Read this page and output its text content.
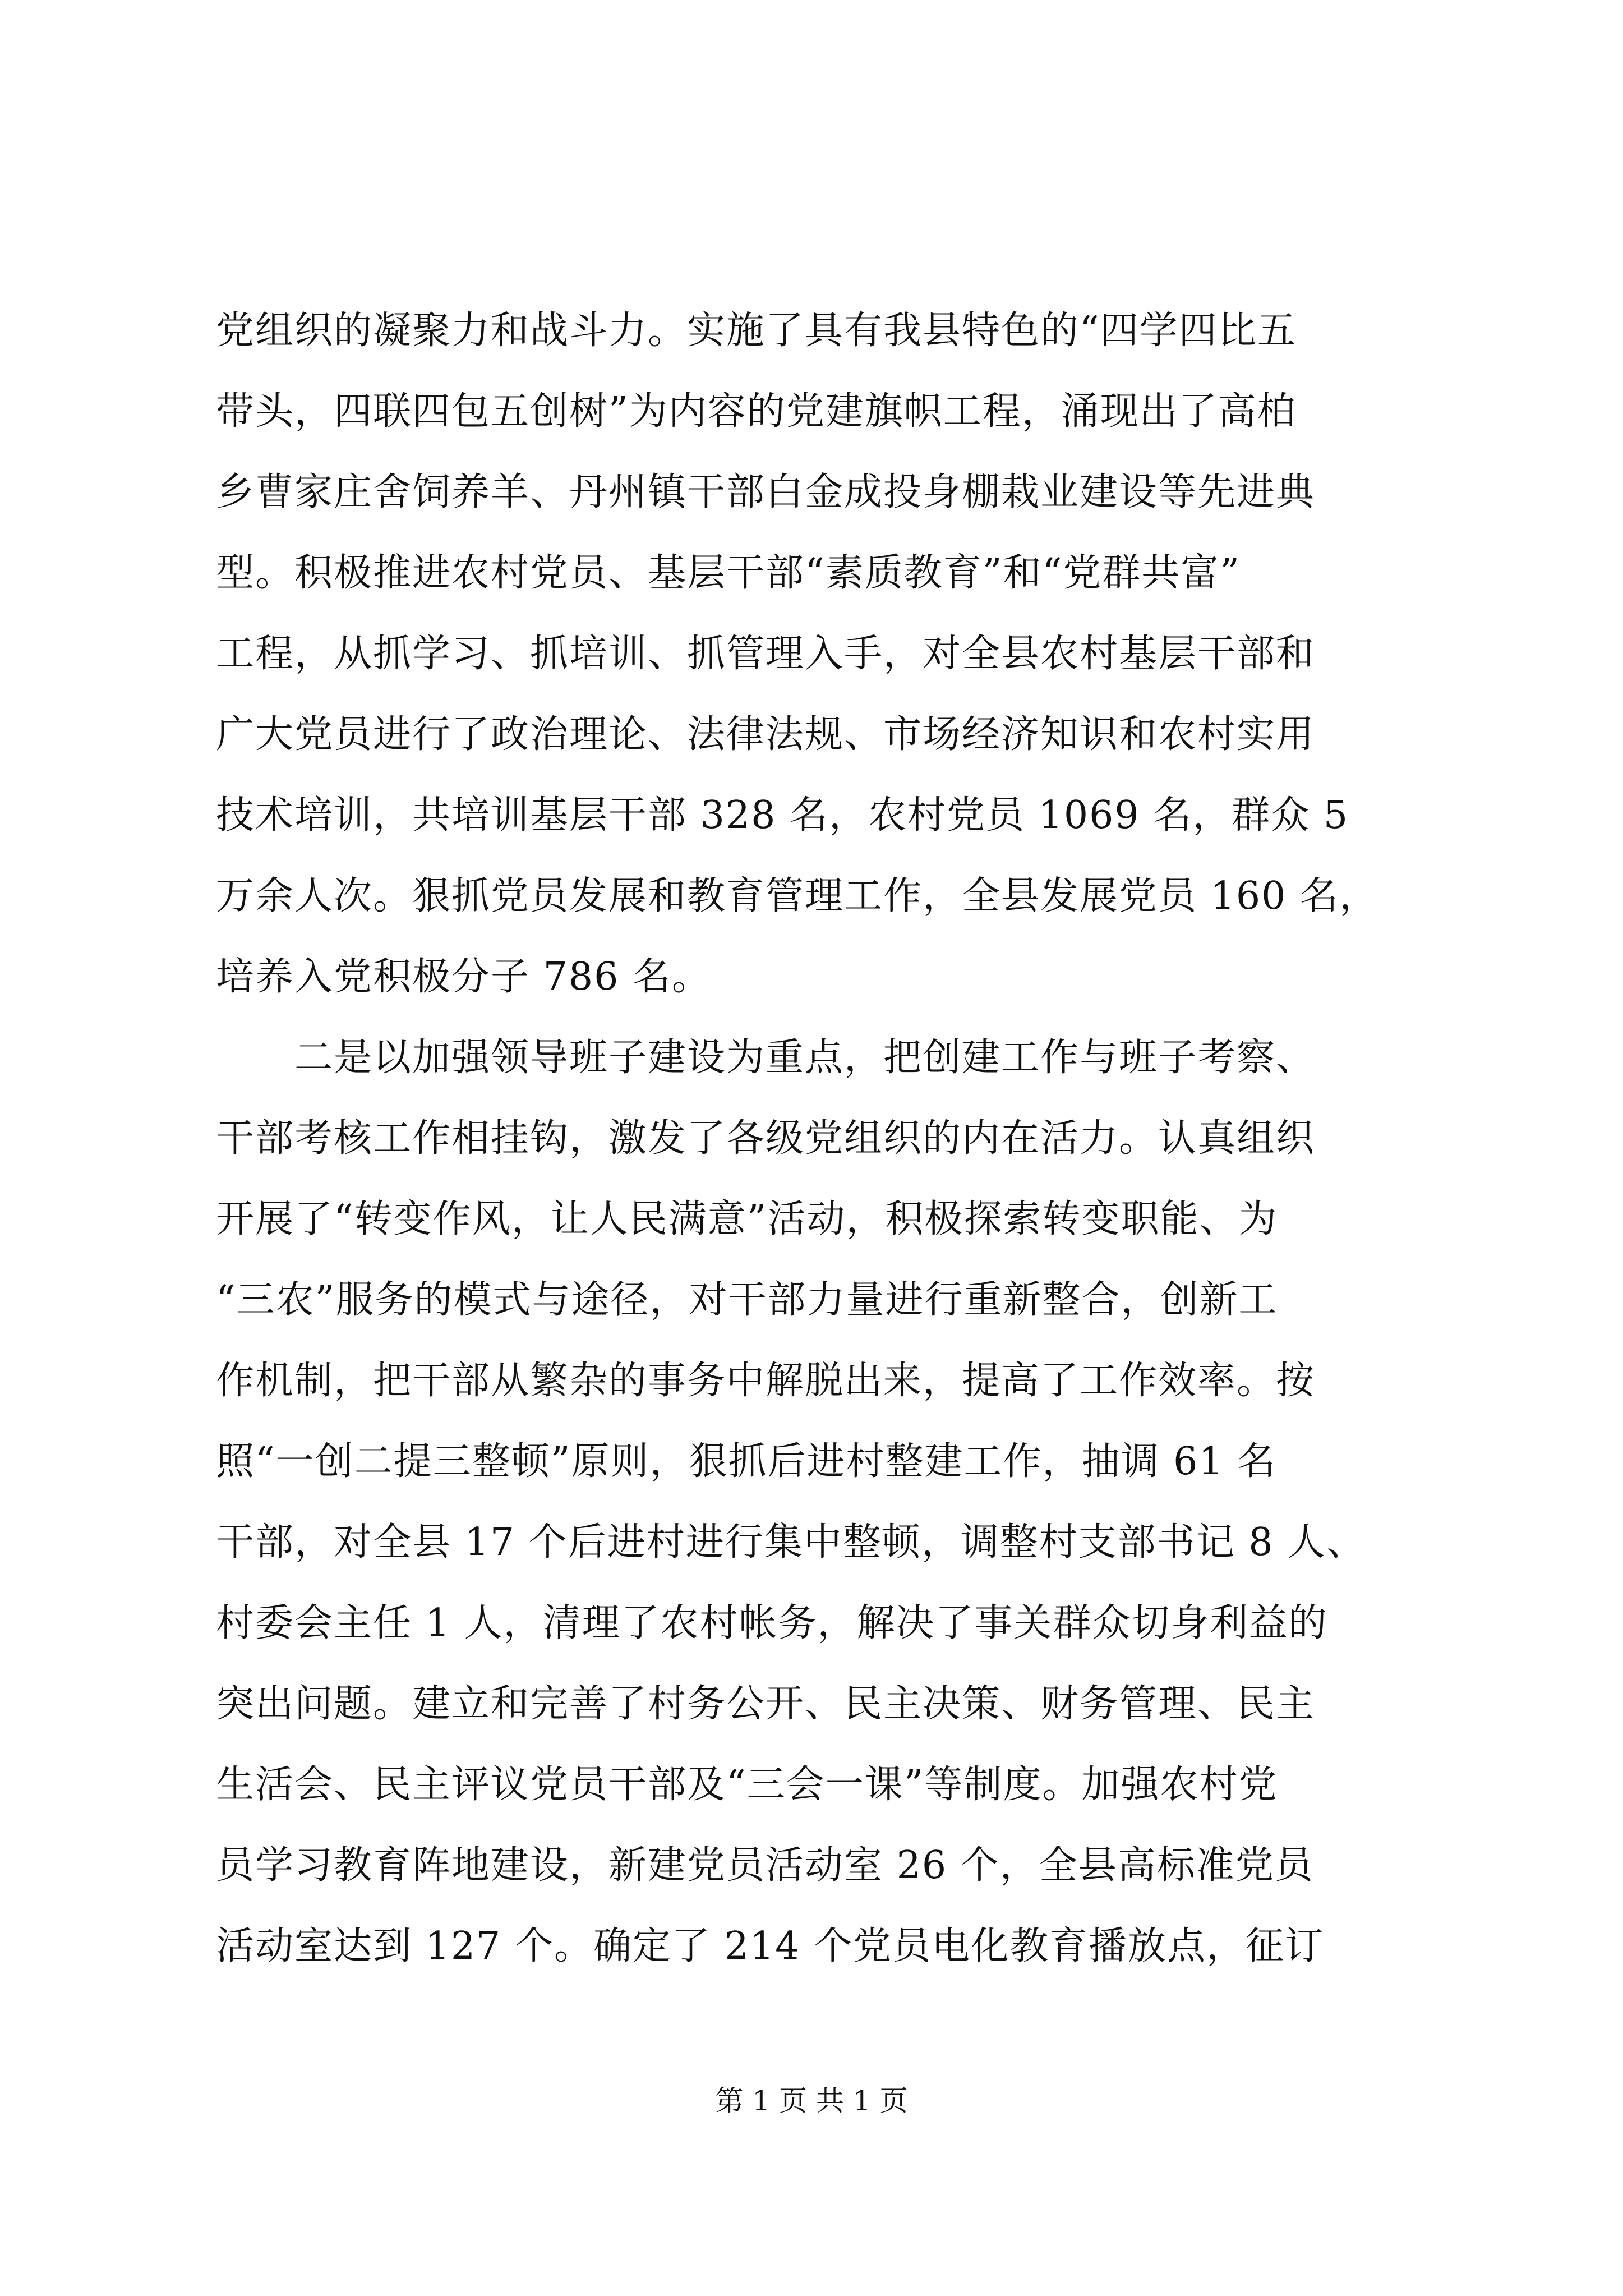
党组织的凝聚力和战斗力。实施了具有我县特色的“四学四比五
带头，四联四包五创树”为内容的党建旗帜工程，涌现出了高柏
乡曹家庄舍饲养羊、丹州镇干部白金成投身棚栽业建设等先进典
型。积极推进农村党员、基层干部“素质教育”和“党群共富”
工程，从抓学习、抓培训、抓管理入手，对全县农村基层干部和
广大党员进行了政治理论、法律法规、市场经济知识和农村实用
技术培训，共培训基层干部 328 名，农村党员 1069 名，群众 5
万余人次。狠抓党员发展和教育管理工作，全县发展党员 160 名，
培养入党积极分子 786 名。
　　二是以加强领导班子建设为重点，把创建工作与班子考察、
干部考核工作相挂钩，激发了各级党组织的内在活力。认真组织
开展了“转变作风，让人民满意”活动，积极探索转变职能、为
“三农”服务的模式与途径，对干部力量进行重新整合，创新工
作机制，把干部从繁杂的事务中解脱出来，提高了工作效率。按
照“一创二提三整顿”原则，狠抓后进村整建工作，抽调 61 名
干部，对全县 17 个后进村进行集中整顿，调整村支部书记 8 人、
村委会主任 1 人，清理了农村帐务，解决了事关群众切身利益的
突出问题。建立和完善了村务公开、民主决策、财务管理、民主
生活会、民主评议党员干部及“三会一课”等制度。加强农村党
员学习教育阵地建设，新建党员活动室 26 个，全县高标准党员
活动室达到 127 个。确定了 214 个党员电化教育播放点，征订
第 1 页 共 1 页
